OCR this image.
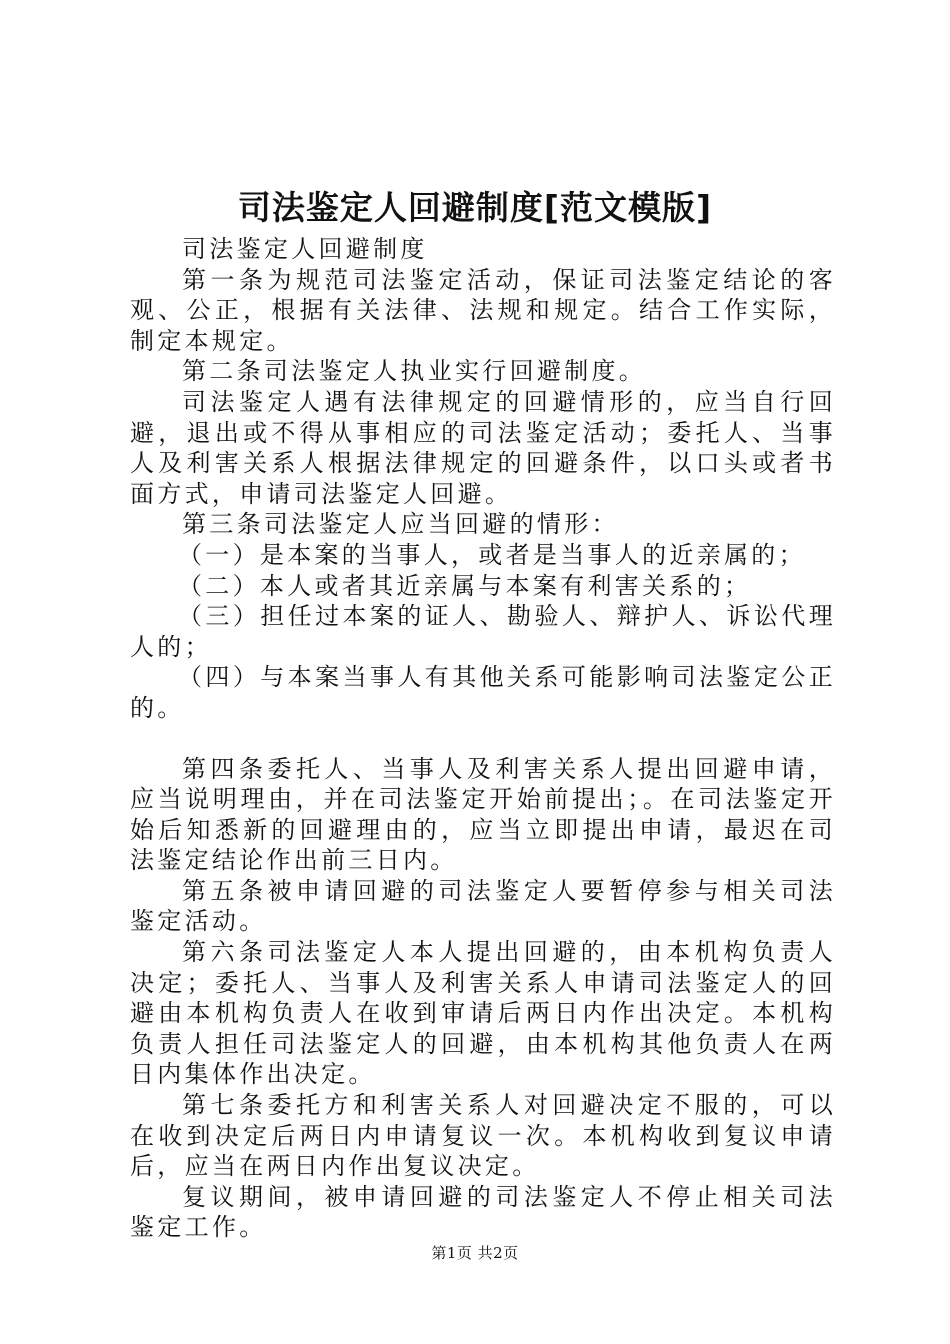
司法鉴定人回避制度[范文模版]

司法鉴定人回避制度

第一条为规范司法鉴定活动，保证司法鉴定结论的客观、公正，根据有关法律、法规和规定。结合工作实际，制定本规定。

第二条司法鉴定人执业实行回避制度。

司法鉴定人遇有法律规定的回避情形的，应当自行回避，退出或不得从事相应的司法鉴定活动；委托人、当事人及利害关系人根据法律规定的回避条件，以口头或者书面方式，申请司法鉴定人回避。

第三条司法鉴定人应当回避的情形：

（一）是本案的当事人，或者是当事人的近亲属的；

（二）本人或者其近亲属与本案有利害关系的；

（三）担任过本案的证人、勘验人、辩护人、诉讼代理人的；

（四）与本案当事人有其他关系可能影响司法鉴定公正的。

第四条委托人、当事人及利害关系人提出回避申请，应当说明理由，并在司法鉴定开始前提出；。在司法鉴定开始后知悉新的回避理由的，应当立即提出申请，最迟在司法鉴定结论作出前三日内。

第五条被申请回避的司法鉴定人要暂停参与相关司法鉴定活动。

第六条司法鉴定人本人提出回避的，由本机构负责人决定；委托人、当事人及利害关系人申请司法鉴定人的回避由本机构负责人在收到审请后两日内作出决定。本机构负责人担任司法鉴定人的回避，由本机构其他负责人在两日内集体作出决定。

第七条委托方和利害关系人对回避决定不服的，可以在收到决定后两日内申请复议一次。本机构收到复议申请后，应当在两日内作出复议决定。

复议期间，被申请回避的司法鉴定人不停止相关司法鉴定工作。

第1页 共2页
